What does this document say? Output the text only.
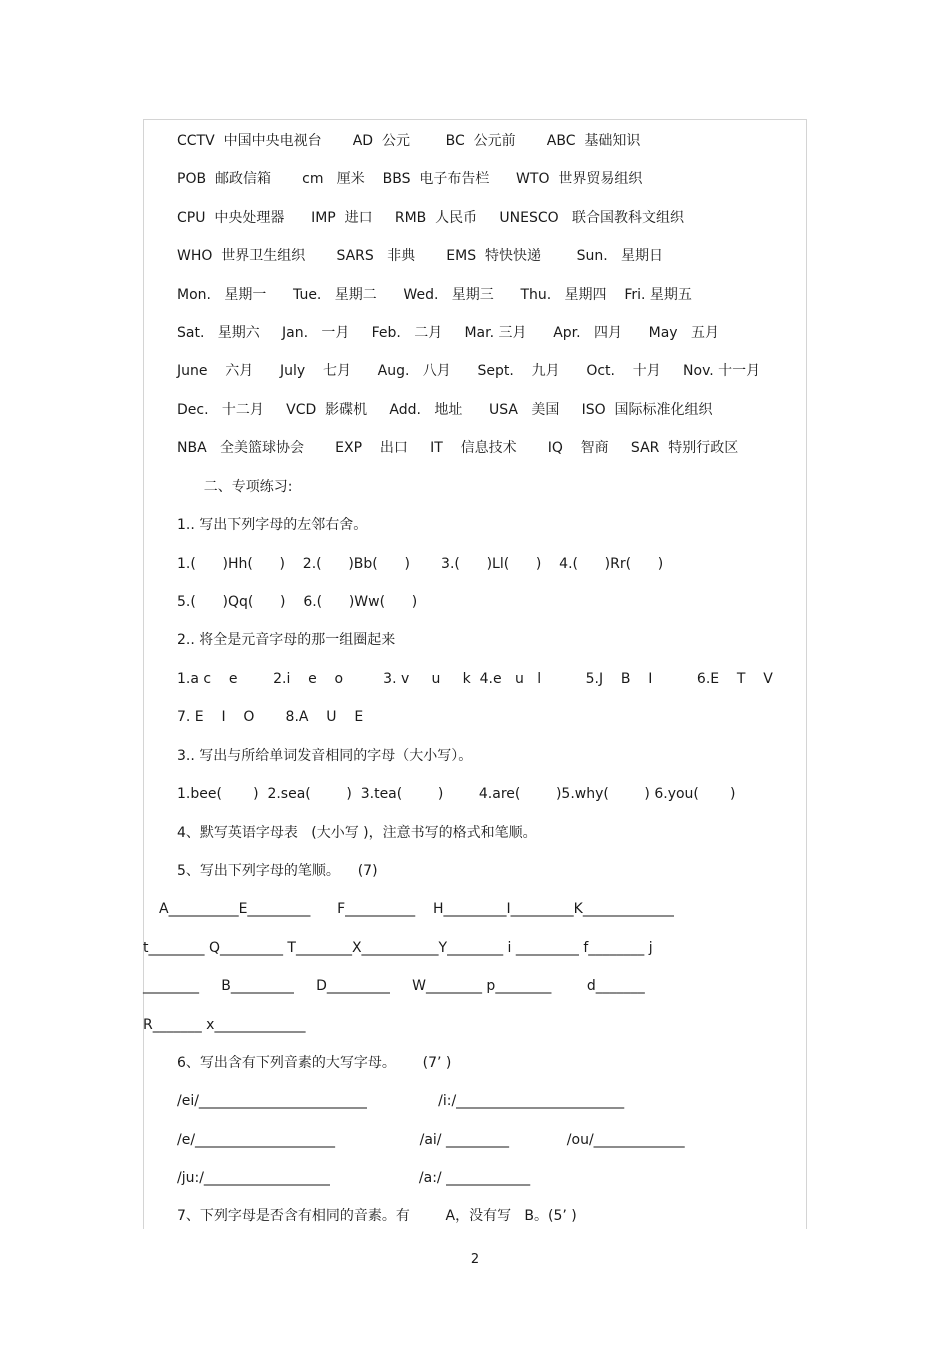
CCTV  中国中央电视台       AD  公元        BC  公元前       ABC  基础知识
POB  邮政信箱       cm   厘米    BBS  电子布告栏      WTO  世界贸易组织
CPU  中央处理器      IMP  进口     RMB  人民币     UNESCO   联合国教科文组织
WHO  世界卫生组织       SARS   非典       EMS  特快快递        Sun.   星期日
Mon.   星期一      Tue.   星期二      Wed.   星期三      Thu.   星期四    Fri. 星期五
Sat.   星期六     Jan.   一月     Feb.   二月     Mar. 三月      Apr.   四月      May   五月
June    六月      July    七月      Aug.   八月      Sept.    九月      Oct.    十月     Nov. 十一月
Dec.   十二月     VCD  影碟机     Add.   地址      USA   美国     ISO  国际标准化组织
NBA   全美篮球协会       EXP    出口     IT    信息技术       IQ    智商     SAR  特别行政区
二、专项练习:
1.. 写出下列字母的左邻右舍。
1.(      )Hh(      )    2.(      )Bb(      )       3.(      )Ll(      )    4.(      )Rr(      )
5.(      )Qq(      )    6.(      )Ww(      )
2.. 将全是元音字母的那一组圈起来
1.a c    e        2.i    e    o         3. v     u     k  4.e   u   l          5.J    B    I          6.E    T    V
7. E    I    O       8.A    U    E
3.. 写出与所给单词发音相同的字母（大小写）。
1.bee(       )  2.sea(        )  3.tea(        )        4.are(        )5.why(        ) 6.you(       )
4、默写英语字母表   (大小写 )，注意书写的格式和笔顺。
5、写出下列字母的笔顺。    (7)
A__________E_________      F__________    H_________I_________K_____________
t________ Q_________ T________X___________Y________ i _________ f________ j
________     B_________     D_________     W________ p________        d_______
R_______ x_____________
6、写出含有下列音素的大写字母。      (7’ )
/ei/________________________                /i:/________________________
/e/____________________                   /ai/ _________             /ou/_____________
/ju:/__________________                    /a:/ ____________
7、下列字母是否含有相同的音素。有        A，没有写   B。(5’ )
2
